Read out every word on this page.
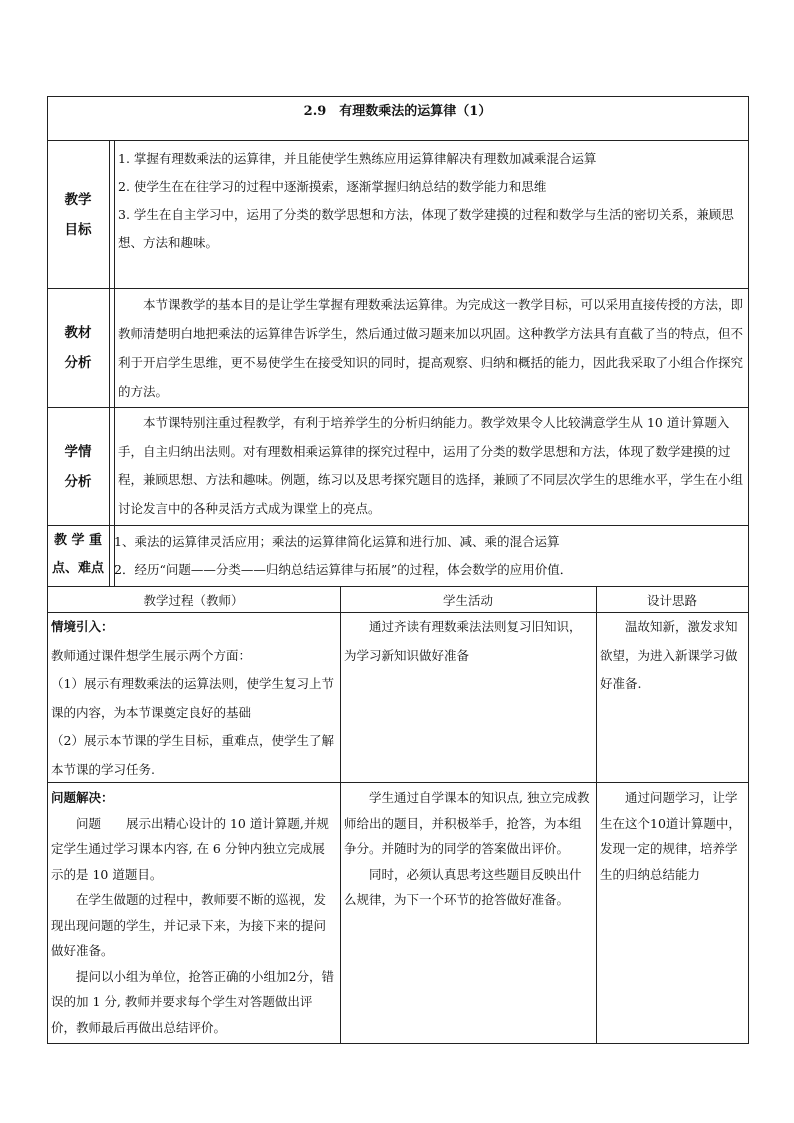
2.9　有理数乘法的运算律（1）
教学
目标

1. 掌握有理数乘法的运算律，并且能使学生熟练应用运算律解决有理数加减乘混合运算

2. 使学生在在往学习的过程中逐渐摸索，逐渐掌握归纳总结的数学能力和思维

3. 学生在自主学习中，运用了分类的数学思想和方法，体现了数学建摸的过程和数学与生活的密切关系，兼顾思想、方法和趣味。

教材
分析

本节课教学的基本目的是让学生掌握有理数乘法运算律。为完成这一教学目标，可以采用直接传授的方法，即教师清楚明白地把乘法的运算律告诉学生，然后通过做习题来加以巩固。这种教学方法具有直截了当的特点，但不利于开启学生思维，更不易使学生在接受知识的同时，提高观察、归纳和概括的能力，因此我采取了小组合作探究的方法。

学情
分析

本节课特别注重过程教学，有利于培养学生的分析归纳能力。教学效果令人比较满意学生从 10 道计算题入手，自主归纳出法则。对有理数相乘运算律的探究过程中，运用了分类的数学思想和方法，体现了数学建摸的过程，兼顾思想、方法和趣味。例题，练习以及思考探究题目的选择，兼顾了不同层次学生的思维水平，学生在小组讨论发言中的各种灵活方式成为课堂上的亮点。

教 学 重
点、难点

1、乘法的运算律灵活应用；乘法的运算律简化运算和进行加、减、乘的混合运算

2．经历“问题——分类——归纳总结运算律与拓展”的过程，体会数学的应用价值．

教学过程（教师）	学生活动	设计思路

情境引入：

教师通过课件想学生展示两个方面：

（1）展示有理数乘法的运算法则，使学生复习上节课的内容，为本节课奠定良好的基础

（2）展示本节课的学生目标，重难点，使学生了解本节课的学习任务.

通过齐读有理数乘法法则复习旧知识，为学习新知识做好准备

温故知新，激发求知欲望，为进入新课学习做好准备.

问题解决：

问题　　展示出精心设计的 10 道计算题,并规定学生通过学习课本内容, 在 6 分钟内独立完成展示的是 10 道题目。

在学生做题的过程中，教师要不断的巡视，发现出现问题的学生，并记录下来，为接下来的提问做好准备。

提问以小组为单位，抢答正确的小组加2分，错误的加 1 分, 教师并要求每个学生对答题做出评价，教师最后再做出总结评价。

学生通过自学课本的知识点, 独立完成教师给出的题目，并积极举手，抢答，为本组争分。并随时为的同学的答案做出评价。

同时，必须认真思考这些题目反映出什么规律，为下一个环节的抢答做好准备。

通过问题学习，让学生在这个10道计算题中，发现一定的规律，培养学生的归纳总结能力
